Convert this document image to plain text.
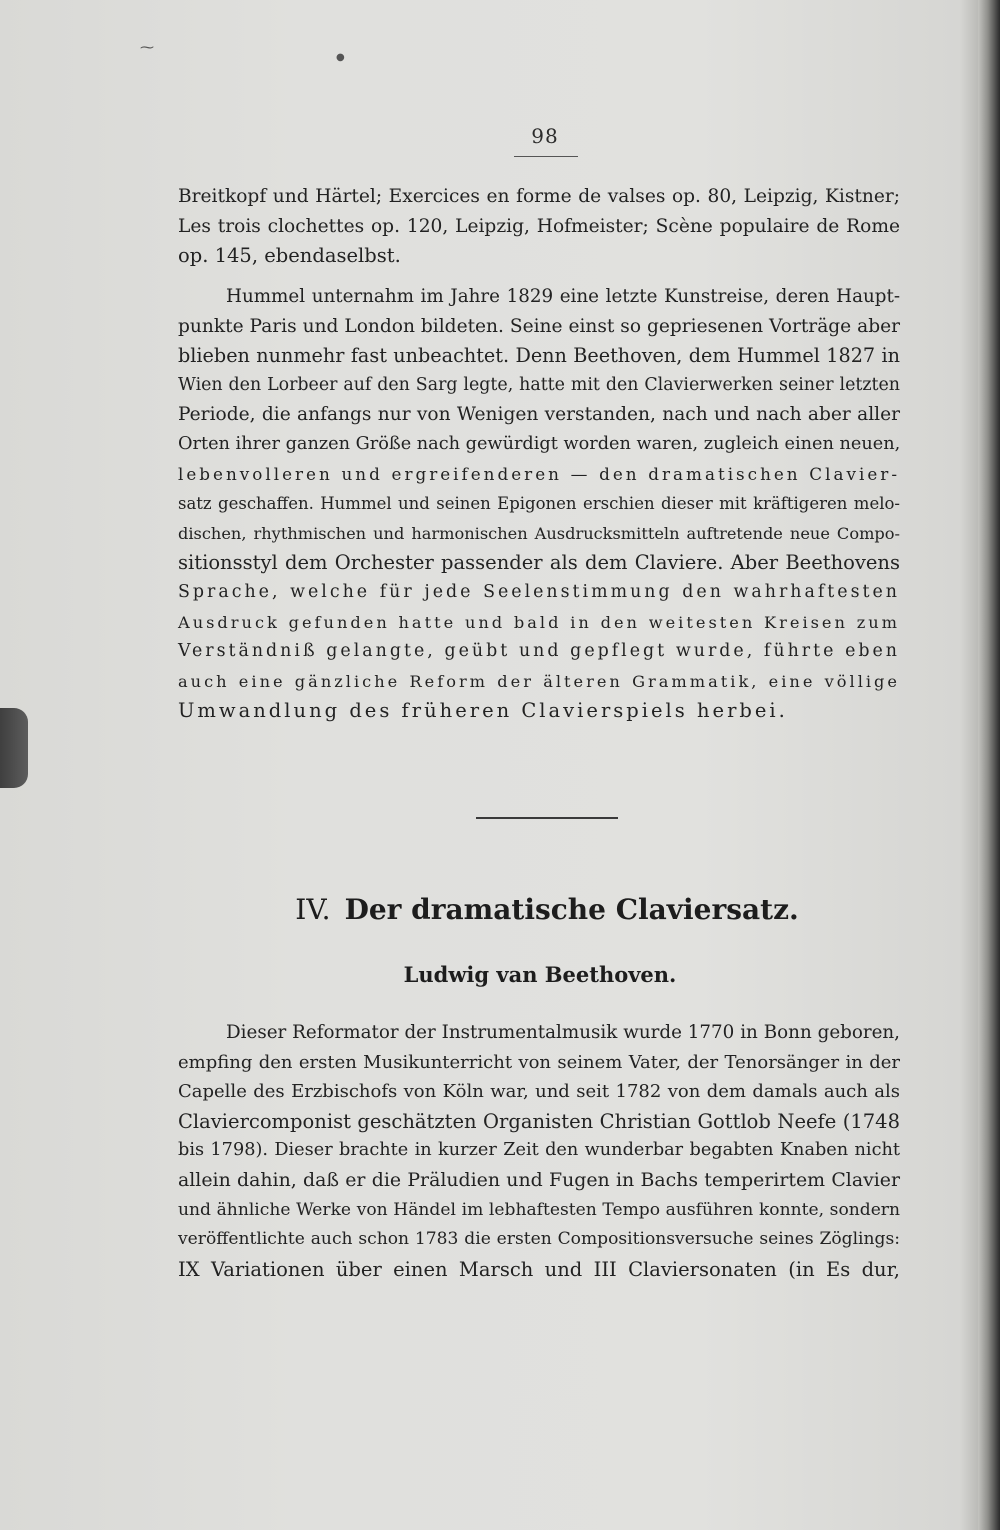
⁓
●
98
Breitkopf und Härtel; Exercices en forme de valses op. 80, Leipzig, Kistner;
Les trois clochettes op. 120, Leipzig, Hofmeister; Scène populaire de Rome
op. 145, ebendaselbst.
Hummel unternahm im Jahre 1829 eine letzte Kunstreise, deren Haupt-
punkte Paris und London bildeten. Seine einst so gepriesenen Vorträge aber
blieben nunmehr fast unbeachtet. Denn Beethoven, dem Hummel 1827 in
Wien den Lorbeer auf den Sarg legte, hatte mit den Clavierwerken seiner letzten
Periode, die anfangs nur von Wenigen verstanden, nach und nach aber aller
Orten ihrer ganzen Größe nach gewürdigt worden waren, zugleich einen neuen,
lebenvolleren und ergreifenderen — den dramatischen Clavier-
satz geschaffen. Hummel und seinen Epigonen erschien dieser mit kräftigeren melo-
dischen, rhythmischen und harmonischen Ausdrucksmitteln auftretende neue Compo-
sitionsstyl dem Orchester passender als dem Claviere. Aber Beethovens
Sprache, welche für jede Seelenstimmung den wahrhaftesten
Ausdruck gefunden hatte und bald in den weitesten Kreisen zum
Verständniß gelangte, geübt und gepflegt wurde, führte eben
auch eine gänzliche Reform der älteren Grammatik, eine völlige
Umwandlung des früheren Clavierspiels herbei.
IV. Der dramatische Claviersatz.
Ludwig van Beethoven.
Dieser Reformator der Instrumentalmusik wurde 1770 in Bonn geboren,
empfing den ersten Musikunterricht von seinem Vater, der Tenorsänger in der
Capelle des Erzbischofs von Köln war, und seit 1782 von dem damals auch als
Claviercomponist geschätzten Organisten Christian Gottlob Neefe (1748
bis 1798). Dieser brachte in kurzer Zeit den wunderbar begabten Knaben nicht
allein dahin, daß er die Präludien und Fugen in Bachs temperirtem Clavier
und ähnliche Werke von Händel im lebhaftesten Tempo ausführen konnte, sondern
veröffentlichte auch schon 1783 die ersten Compositionsversuche seines Zöglings:
IX Variationen über einen Marsch und III Claviersonaten (in Es dur,
